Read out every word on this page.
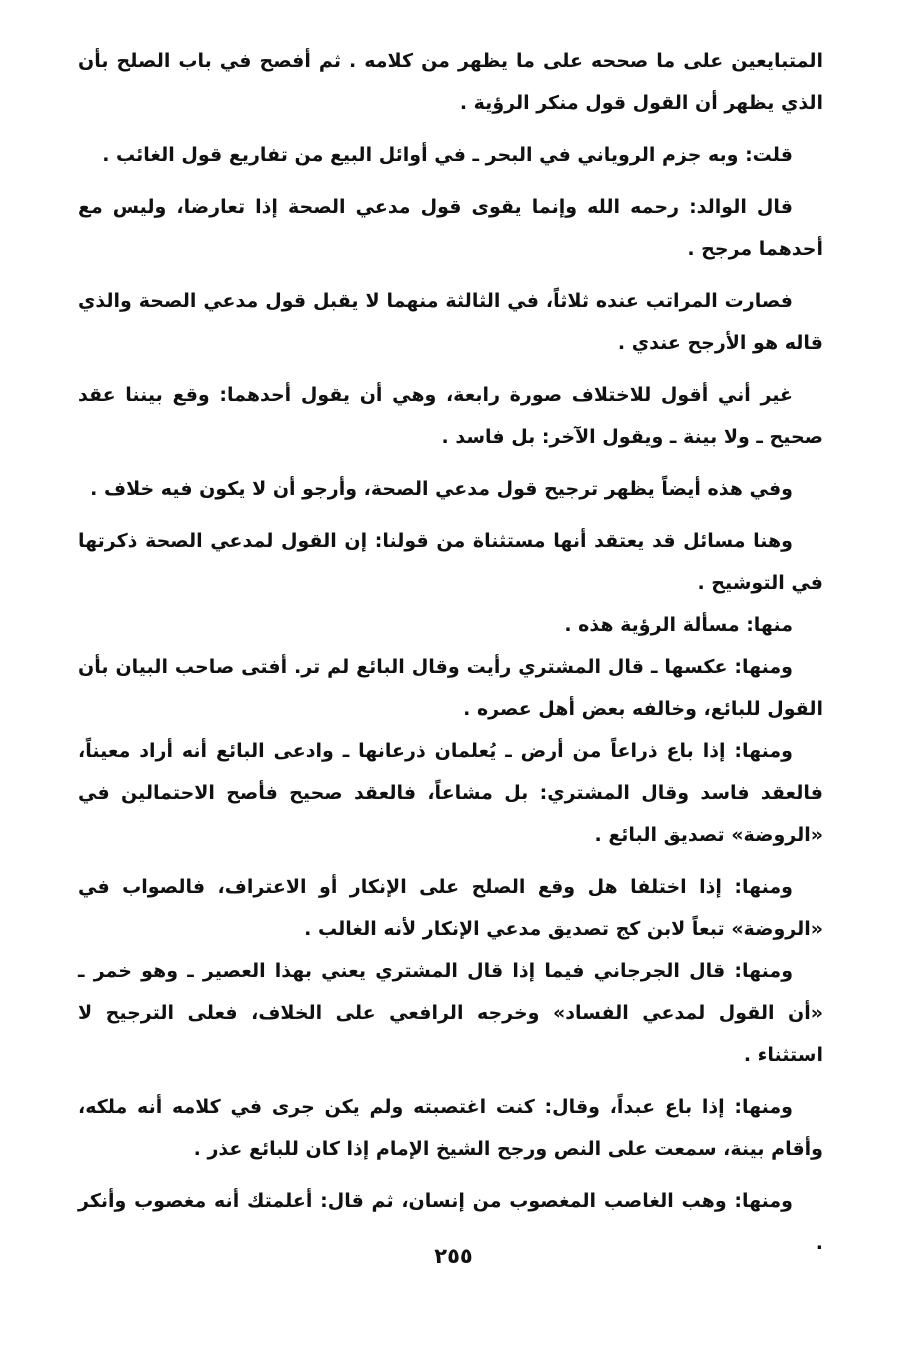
المتبايعين على ما صححه على ما يظهر من كلامه . ثم أفصح في باب الصلح بأن الذي يظهر أن القول قول منكر الرؤية .

قلت: وبه جزم الروياني في البحر ـ في أوائل البيع من تفاريع قول الغائب .

قال الوالد: رحمه الله وإنما يقوى قول مدعي الصحة إذا تعارضا، وليس مع أحدهما مرجح .

فصارت المراتب عنده ثلاثاً، في الثالثة منهما لا يقبل قول مدعي الصحة والذي قاله هو الأرجح عندي .

غير أني أقول للاختلاف صورة رابعة، وهي أن يقول أحدهما: وقع بيننا عقد صحيح ـ ولا بينة ـ ويقول الآخر: بل فاسد .

وفي هذه أيضاً يظهر ترجيح قول مدعي الصحة، وأرجو أن لا يكون فيه خلاف .

وهنا مسائل قد يعتقد أنها مستثناة من قولنا: إن القول لمدعي الصحة ذكرتها في التوشيح .

منها: مسألة الرؤية هذه .

ومنها: عكسها ـ قال المشتري رأيت وقال البائع لم تر. أفتى صاحب البيان بأن القول للبائع، وخالفه بعض أهل عصره .

ومنها: إذا باع ذراعاً من أرض ـ يُعلمان ذرعانها ـ وادعى البائع أنه أراد معيناً، فالعقد فاسد وقال المشتري: بل مشاعاً، فالعقد صحيح فأصح الاحتمالين في «الروضة» تصديق البائع .

ومنها: إذا اختلفا هل وقع الصلح على الإنكار أو الاعتراف، فالصواب في «الروضة» تبعاً لابن كج تصديق مدعي الإنكار لأنه الغالب .

ومنها: قال الجرجاني فيما إذا قال المشتري يعني بهذا العصير ـ وهو خمر ـ «أن القول لمدعي الفساد» وخرجه الرافعي على الخلاف، فعلى الترجيح لا استثناء .

ومنها: إذا باع عبداً، وقال: كنت اغتصبته ولم يكن جرى في كلامه أنه ملكه، وأقام بينة، سمعت على النص ورجح الشيخ الإمام إذا كان للبائع عذر .

ومنها: وهب الغاصب المغصوب من إنسان، ثم قال: أعلمتك أنه مغصوب وأنكر .

٢٥٥
